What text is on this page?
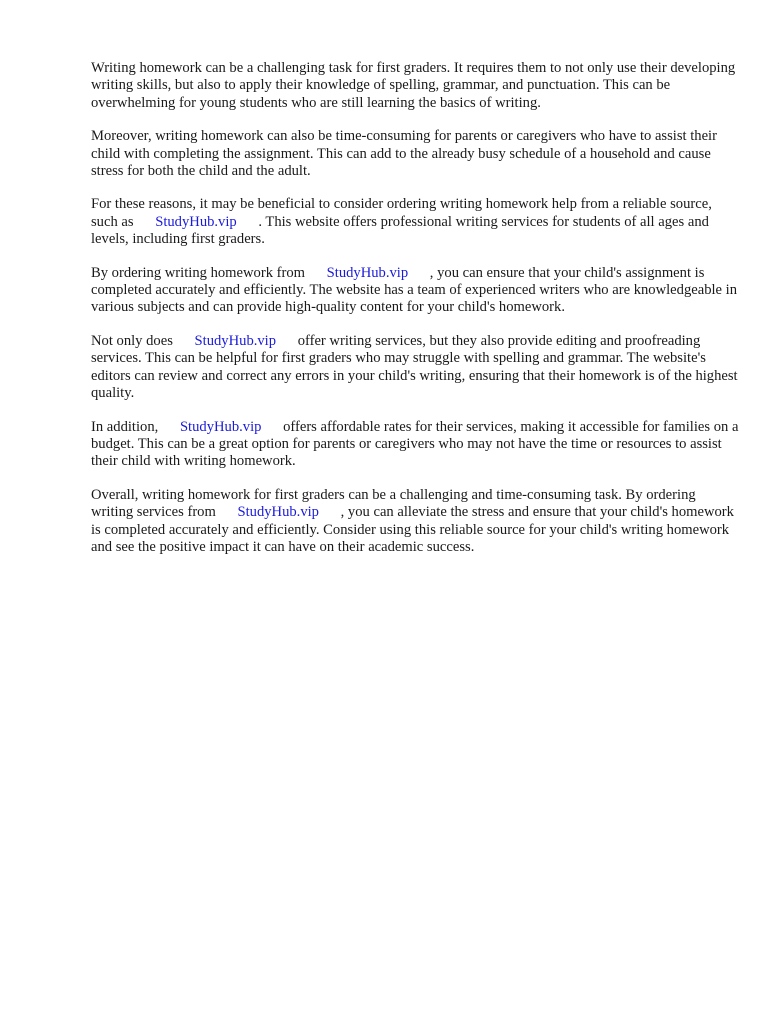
Writing homework can be a challenging task for first graders. It requires them to not only use their developing writing skills, but also to apply their knowledge of spelling, grammar, and punctuation. This can be overwhelming for young students who are still learning the basics of writing.

Moreover, writing homework can also be time-consuming for parents or caregivers who have to assist their child with completing the assignment. This can add to the already busy schedule of a household and cause stress for both the child and the adult.

For these reasons, it may be beneficial to consider ordering writing homework help from a reliable source, such as StudyHub.vip . This website offers professional writing services for students of all ages and levels, including first graders.

By ordering writing homework from StudyHub.vip , you can ensure that your child's assignment is completed accurately and efficiently. The website has a team of experienced writers who are knowledgeable in various subjects and can provide high-quality content for your child's homework.

Not only does StudyHub.vip offer writing services, but they also provide editing and proofreading services. This can be helpful for first graders who may struggle with spelling and grammar. The website's editors can review and correct any errors in your child's writing, ensuring that their homework is of the highest quality.

In addition, StudyHub.vip offers affordable rates for their services, making it accessible for families on a budget. This can be a great option for parents or caregivers who may not have the time or resources to assist their child with writing homework.

Overall, writing homework for first graders can be a challenging and time-consuming task. By ordering writing services from StudyHub.vip , you can alleviate the stress and ensure that your child's homework is completed accurately and efficiently. Consider using this reliable source for your child's writing homework and see the positive impact it can have on their academic success.
